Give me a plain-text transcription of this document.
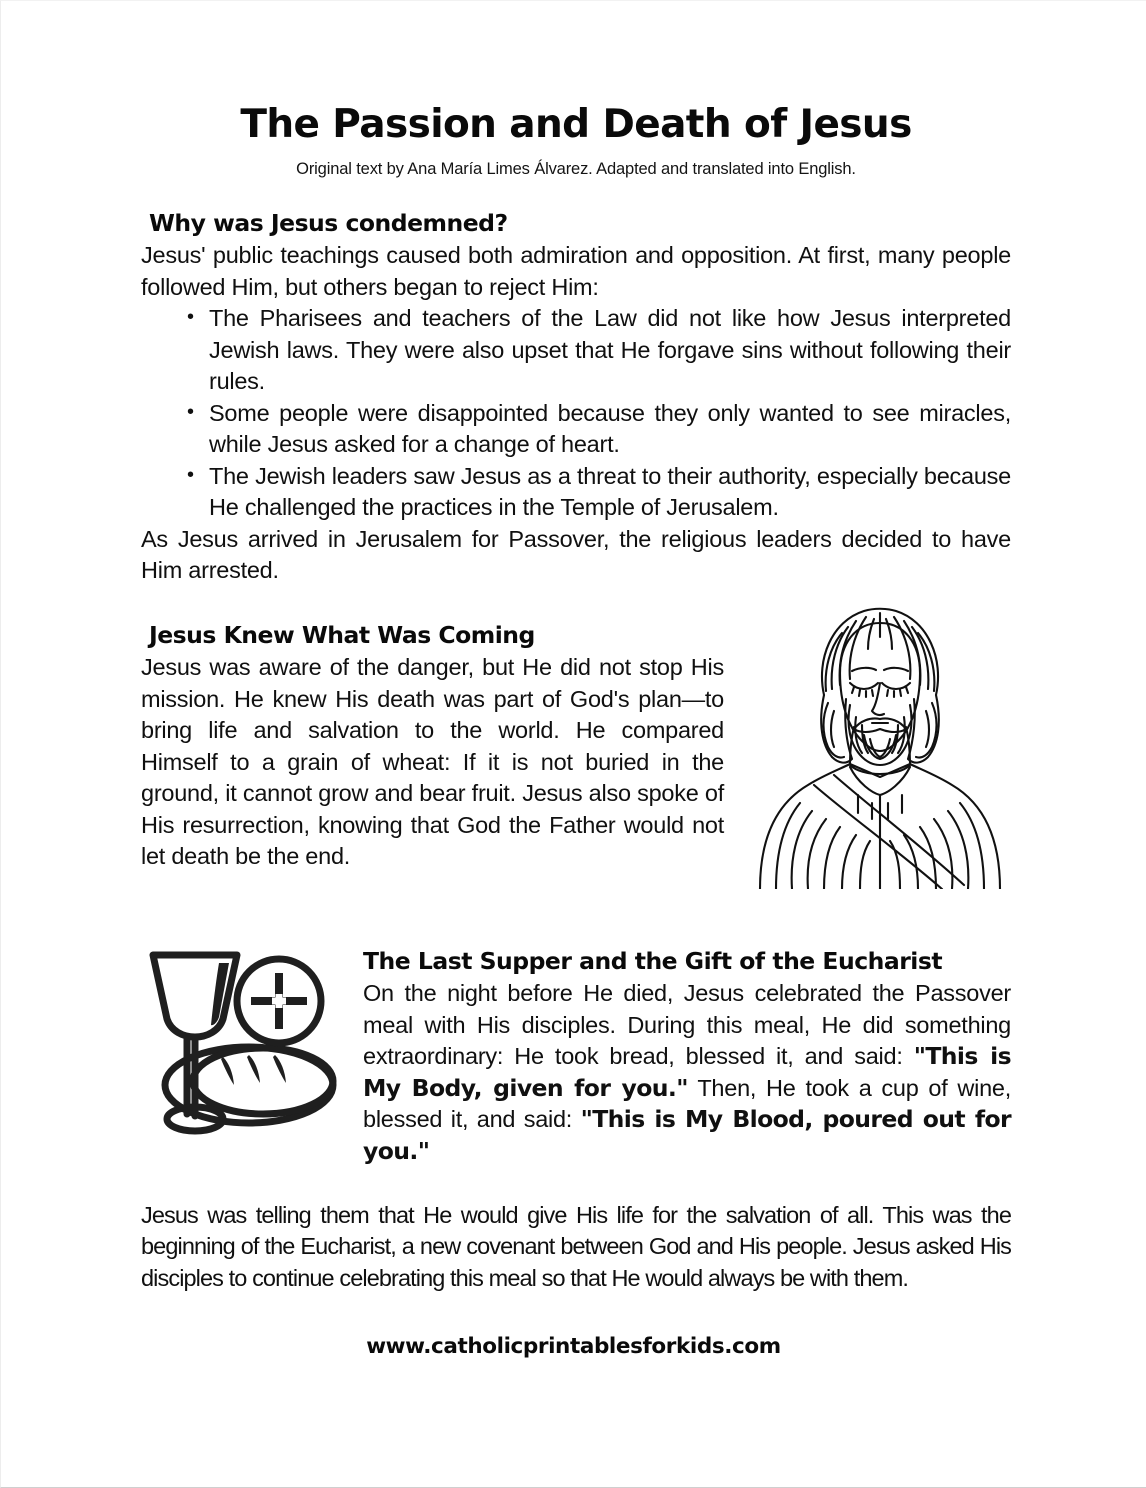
The Passion and Death of Jesus

Original text by Ana María Limes Álvarez. Adapted and translated into English.

Why was Jesus condemned?

Jesus' public teachings caused both admiration and opposition. At first, many people followed Him, but others began to reject Him:

• The Pharisees and teachers of the Law did not like how Jesus interpreted Jewish laws. They were also upset that He forgave sins without following their rules.
• Some people were disappointed because they only wanted to see miracles, while Jesus asked for a change of heart.
• The Jewish leaders saw Jesus as a threat to their authority, especially because He challenged the practices in the Temple of Jerusalem.

As Jesus arrived in Jerusalem for Passover, the religious leaders decided to have Him arrested.

Jesus Knew What Was Coming

Jesus was aware of the danger, but He did not stop His mission. He knew His death was part of God's plan—to bring life and salvation to the world. He compared Himself to a grain of wheat: If it is not buried in the ground, it cannot grow and bear fruit. Jesus also spoke of His resurrection, knowing that God the Father would not let death be the end.

The Last Supper and the Gift of the Eucharist

On the night before He died, Jesus celebrated the Passover meal with His disciples. During this meal, He did something extraordinary: He took bread, blessed it, and said: "This is My Body, given for you." Then, He took a cup of wine, blessed it, and said: "This is My Blood, poured out for you."

Jesus was telling them that He would give His life for the salvation of all. This was the beginning of the Eucharist, a new covenant between God and His people. Jesus asked His disciples to continue celebrating this meal so that He would always be with them.

www.catholicprintablesforkids.com
